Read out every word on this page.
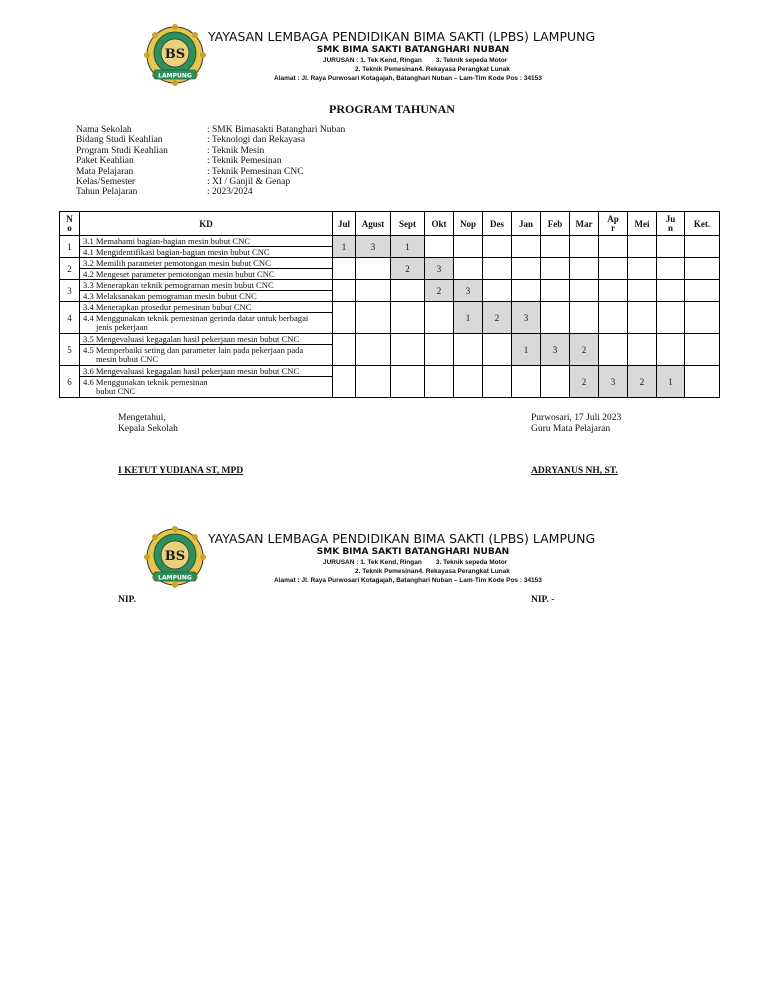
BS
LAMPUNG
YAYASAN LEMBAGA PENDIDIKAN BIMA SAKTI (LPBS) LAMPUNG
SMK BIMA SAKTI BATANGHARI NUBAN
JURUSAN : 1. Tek Kend, Ringan 3. Teknik sepeda Motor
2. Teknik Pemesinan4. Rekayasa Perangkat Lunak
Alamat : Jl. Raya Purwosari Kotagajah, Batanghari Nuban – Lam-Tim Kode Pos : 34153
PROGRAM TAHUNAN
Nama Sekolah	: SMK Bimasakti Batanghari Nuban
Bidang Studi Keahlian	: Teknologi dan Rekayasa
Program Studi Keahlian	: Teknik Mesin
Paket Keahlian	: Teknik Pemesinan
Mata Pelajaran	: Teknik Pemesinan CNC
Kelas/Semester	: XI / Ganjil & Genap
Tahun Pelajaran	: 2023/2024
N
o	KD	Jul	Agust	Sept	Okt	Nop	Des	Jan	Feb	Mar	Ap
r	Mei	Ju
n	Ket.
1	3.1 Memahami bagian-bagian mesin bubut CNC	1	3	1										
	4.1 Mengidentifikasi bagian-bagian mesin bubut CNC													
2	3.2 Memilih parameter pemotongan mesin bubut CNC			2	3									
	4.2 Mengeset parameter pemotongan mesin bubut CNC													
3	3.3 Menerapkan teknik pemograman mesin bubut CNC				2	3								
	4.3 Melaksanakan pemograman mesin bubut CNC													
4	3.4 Menerapkan prosedur pemesinan bubut CNC					1	2	3						
	4.4 Menggunakan teknik pemesinan gerinda datar untuk berbagai
jenis pekerjaan													

5	3.5 Mengevaluasi kegagalan hasil pekerjaan mesin bubut CNC							1	3	2				
	4.5 Memperbaiki seting dan parameter lain pada pekerjaan pada
mesin bubut CNC													

6	3.6 Mengevaluasi kegagalan hasil pekerjaan mesin bubut CNC									2	3	2	1	
	4.6 Menggunakan teknik pemesinan
bubut CNC													
Mengetahui,
Kepala Sekolah
Purwosari, 17 Juli 2023
Guru Mata Pelajaran
I KETUT YUDIANA ST, MPD	ADRYANUS NH, ST.
BS
LAMPUNG
YAYASAN LEMBAGA PENDIDIKAN BIMA SAKTI (LPBS) LAMPUNG
SMK BIMA SAKTI BATANGHARI NUBAN
JURUSAN : 1. Tek Kend, Ringan 3. Teknik sepeda Motor
2. Teknik Pemesinan4. Rekayasa Perangkat Lunak
Alamat : Jl. Raya Purwosari Kotagajah, Batanghari Nuban – Lam-Tim Kode Pos : 34153
NIP.	NIP. -
